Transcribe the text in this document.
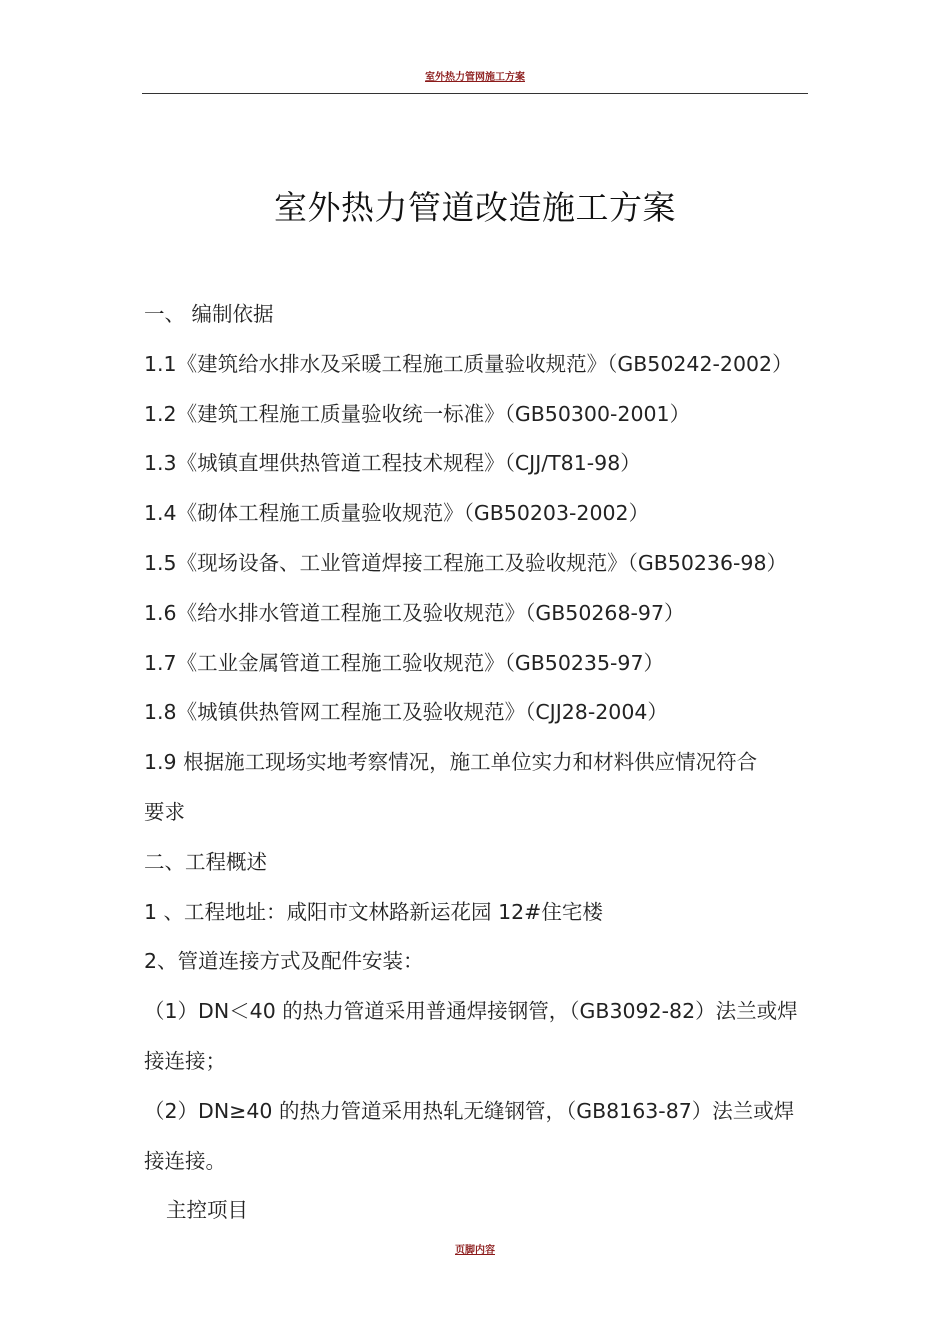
室外热力管网施工方案
室外热力管道改造施工方案
一、 编制依据
1.1《建筑给水排水及采暖工程施工质量验收规范》（GB50242-2002）
1.2《建筑工程施工质量验收统一标准》（GB50300-2001）
1.3《城镇直埋供热管道工程技术规程》（CJJ/T81-98）
1.4《砌体工程施工质量验收规范》（GB50203-2002）
1.5《现场设备、工业管道焊接工程施工及验收规范》（GB50236-98）
1.6《给水排水管道工程施工及验收规范》（GB50268-97）
1.7《工业金属管道工程施工验收规范》（GB50235-97）
1.8《城镇供热管网工程施工及验收规范》（CJJ28-2004）
1.9 根据施工现场实地考察情况，施工单位实力和材料供应情况符合
要求
二、工程概述
1 、工程地址：咸阳市文林路新运花园 12#住宅楼
2、管道连接方式及配件安装：
（1）DN＜40 的热力管道采用普通焊接钢管，（GB3092-82）法兰或焊
接连接；
（2）DN≥40 的热力管道采用热轧无缝钢管，（GB8163-87）法兰或焊
接连接。
主控项目
页脚内容
